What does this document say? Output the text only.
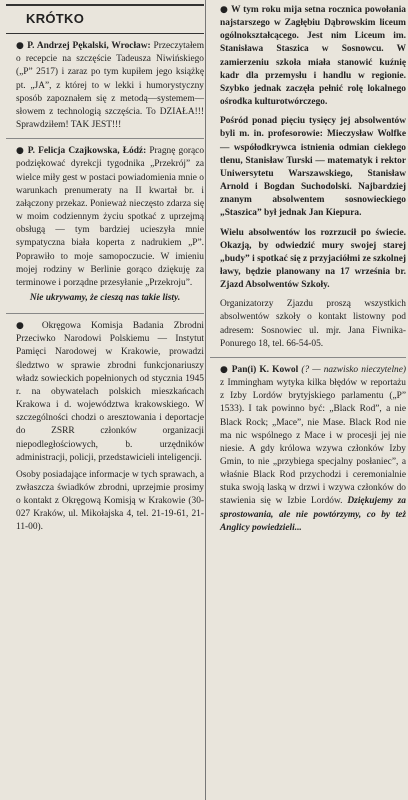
KRÓTKO

● P. Andrzej Pękalski, Wrocław: Przeczytałem o recepcie na szczęście Tadeusza Niwińskiego („P” 2517) i zaraz po tym kupiłem jego książkę pt. „JA”, z której to w lekki i humorystyczny sposób zapoznałem się z metodą—systemem—słowem z technologią szczęścia. To DZIAŁA!!! Sprawdziłem! TAK JEST!!!

● P. Felicja Czajkowska, Łódź: Pragnę gorąco podziękować dyrekcji tygodnika „Przekrój” za wielce miły gest w postaci powiadomienia mnie o warunkach prenumeraty na II kwartał br. i załączony przekaz. Ponieważ nieczęsto zdarza się w moim codziennym życiu spotkać z uprzejmą obsługą — tym bardziej ucieszyła mnie sympatyczna biała koperta z nadrukiem „P”. Poprawiło to moje samopoczucie. W imieniu mojej rodziny w Berlinie gorąco dziękuję za terminowe i porządne przesyłanie „Przekroju”.

Nie ukrywamy, że cieszą nas takie listy.

● Okręgowa Komisja Badania Zbrodni Przeciwko Narodowi Polskiemu — Instytut Pamięci Narodowej w Krakowie, prowadzi śledztwo w sprawie zbrodni funkcjonariuszy władz sowieckich popełnionych od stycznia 1945 r. na obywatelach polskich mieszkańcach Krakowa i d. województwa krakowskiego. W szczególności chodzi o aresztowania i deportacje do ZSRR członków organizacji niepodległościowych, b. urzędników administracji, policji, przedstawicieli inteligencji.

Osoby posiadające informacje w tych sprawach, a zwłaszcza świadków zbrodni, uprzejmie prosimy o kontakt z Okręgową Komisją w Krakowie (30-027 Kraków, ul. Mikołajska 4, tel. 21-19-61, 21-11-00).

● W tym roku mija setna rocznica powołania najstarszego w Zagłębiu Dąbrowskim liceum ogólnokształcącego. Jest nim Liceum im. Stanisława Staszica w Sosnowcu. W zamierzeniu szkoła miała stanowić kuźnię kadr dla przemysłu i handlu w regionie. Szybko jednak zaczęła pełnić rolę lokalnego ośrodka kulturotwórczego.

Pośród ponad pięciu tysięcy jej absolwentów byli m. in. profesorowie: Mieczysław Wolfke — współodkrywca istnienia odmian ciekłego tlenu, Stanisław Turski — matematyk i rektor Uniwersytetu Warszawskiego, Stanisław Arnold i Bogdan Suchodolski. Najbardziej znanym absolwentem sosnowieckiego „Staszica” był jednak Jan Kiepura.

Wielu absolwentów los rozrzucił po świecie. Okazją, by odwiedzić mury swojej starej „budy” i spotkać się z przyjaciółmi ze szkolnej ławy, będzie planowany na 17 września br. Zjazd Absolwentów Szkoły.

Organizatorzy Zjazdu proszą wszystkich absolwentów szkoły o kontakt listowny pod adresem: Sosnowiec ul. mjr. Jana Fiwnika-Ponurego 18, tel. 66-54-05.

● Pan(i) K. Kowol (? — nazwisko nieczytelne) z Immingham wytyka kilka błędów w reportażu z Izby Lordów brytyjskiego parlamentu („P” 1533). I tak powinno być: „Black Rod”, a nie Black Rock; „Mace”, nie Mase. Black Rod nie ma nic wspólnego z Mace i w procesji jej nie niesie. A gdy królowa wzywa członków Izby Gmin, to nie „przybiega specjalny posłaniec”, a właśnie Black Rod przychodzi i ceremonialnie stuka swoją laską w drzwi i wzywa członków do stawienia się w Izbie Lordów. Dziękujemy za sprostowania, ale nie powtórzymy, co by też Anglicy powiedzieli...
